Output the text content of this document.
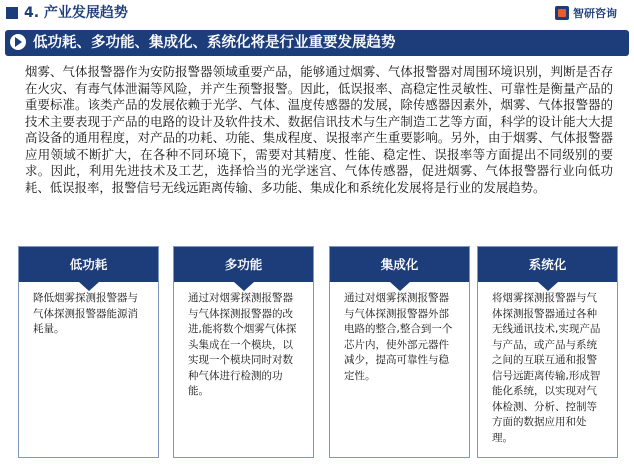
4. 产业发展趋势	智研咨询
低功耗、多功能、集成化、系统化将是行业重要发展趋势

烟雾、气体报警器作为安防报警器领域重要产品，能够通过烟雾、气体报警器对周围环境识别，判断是否存在火灾、有毒气体泄漏等风险，并产生预警报警。因此，低误报率、高稳定性灵敏性、可靠性是衡量产品的重要标准。该类产品的发展依赖于光学、气体、温度传感器的发展，除传感器因素外，烟雾、气体报警器的技术主要表现于产品的电路的设计及软件技术、数据信讯技术与生产制造工艺等方面，科学的设计能大大提高设备的通用程度，对产品的功耗、功能、集成程度、误报率产生重要影响。另外，由于烟雾、气体报警器应用领域不断扩大，在各种不同环境下，需要对其精度、性能、稳定性、误报率等方面提出不同级别的要求。因此，利用先进技术及工艺，选择恰当的光学迷宫、气体传感器，促进烟雾、气体报警器行业向低功耗、低误报率，报警信号无线远距离传输、多功能、集成化和系统化发展将是行业的发展趋势。

低功耗

降低烟雾探测报警器与气体探测报警器能源消耗量。

多功能

通过对烟雾探测报警器与气体探测报警器的改进,能将数个烟雾气体探头集成在一个模块，以实现一个模块同时对数种气体进行检测的功能。

集成化

通过对烟雾探测报警器与气体探测报警器外部电路的整合,整合到一个芯片内，使外部元器件减少，提高可靠性与稳定性。

系统化

将烟雾探测报警器与气体探测报警器通过各种无线通讯技术,实现产品与产品，或产品与系统之间的互联互通和报警信号远距离传输,形成智能化系统，以实现对气体检测、分析、控制等方面的数据应用和处理。
